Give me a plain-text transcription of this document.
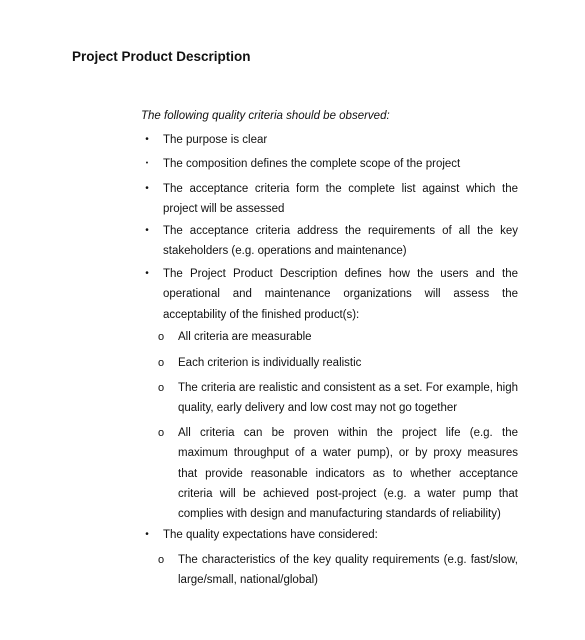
Project Product Description
The following quality criteria should be observed:
• The purpose is clear
• The composition defines the complete scope of the project
• The acceptance criteria form the complete list against which the
project will be assessed
• The acceptance criteria address the requirements of all the key
stakeholders (e.g. operations and maintenance)
• The Project Product Description defines how the users and the
operational and maintenance organizations will assess the
acceptability of the finished product(s):
o	All criteria are measurable
o	Each criterion is individually realistic
o	The criteria are realistic and consistent as a set. For example, high
quality, early delivery and low cost may not go together
o	All criteria can be proven within the project life (e.g. the
maximum throughput of a water pump), or by proxy measures
that provide reasonable indicators as to whether acceptance
criteria will be achieved post-project (e.g. a water pump that
complies with design and manufacturing standards of reliability)
• The quality expectations have considered:
o	The characteristics of the key quality requirements (e.g. fast/slow,
large/small, national/global)
